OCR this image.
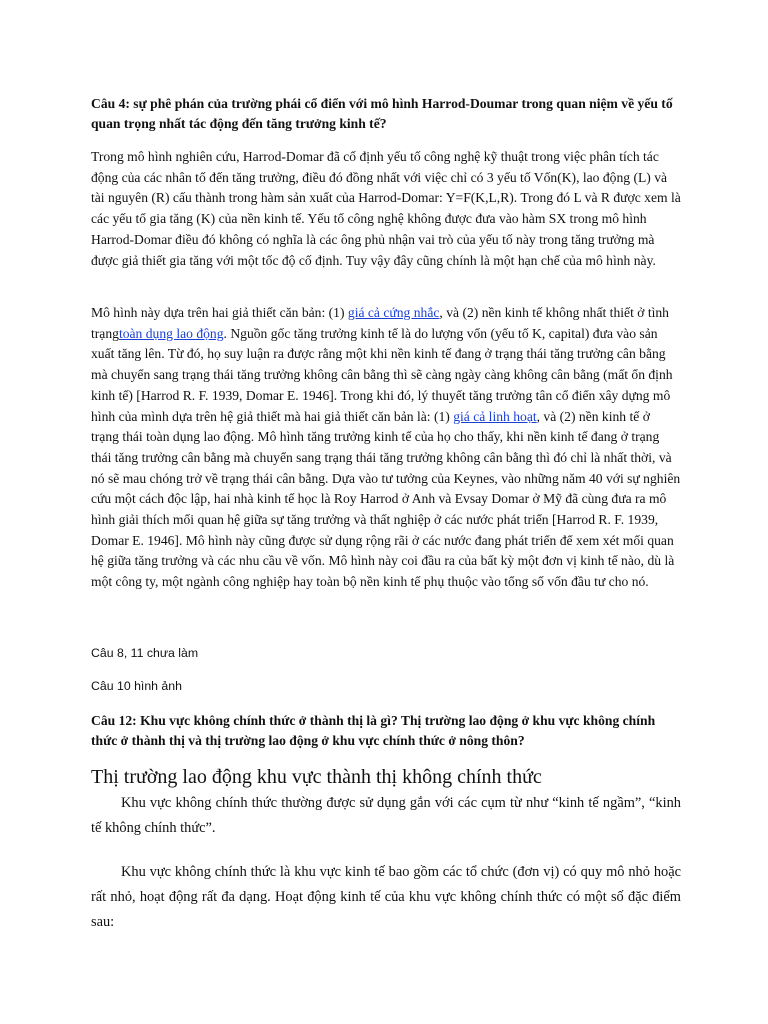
Câu 4: sự phê phán của trường phái cổ điển với mô hình Harrod-Doumar trong quan niệm về yếu tố quan trọng nhất tác động đến tăng trưởng kinh tế?

Trong mô hình nghiên cứu, Harrod-Domar đã cố định yếu tố công nghệ kỹ thuật trong việc phân tích tác động của các nhân tố đến tăng trưởng, điều đó đồng nhất với việc chỉ có 3 yếu tố Vốn(K), lao động (L) và tài nguyên (R) cấu thành trong hàm sản xuất của Harrod-Domar: Y=F(K,L,R). Trong đó L và R được xem là các yếu tố gia tăng (K) của nền kinh tế. Yếu tố công nghệ không được đưa vào hàm SX trong mô hình Harrod-Domar điều đó không có nghĩa là các ông phủ nhận vai trò của yếu tố này trong tăng trưởng mà được giả thiết gia tăng với một tốc độ cố định. Tuy vậy đây cũng chính là một hạn chế của mô hình này.

Mô hình này dựa trên hai giả thiết căn bản: (1) giá cả cứng nhắc, và (2) nền kinh tế không nhất thiết ở tình trạngtoàn dụng lao động. Nguồn gốc tăng trưởng kinh tế là do lượng vốn (yếu tố K, capital) đưa vào sản xuất tăng lên. Từ đó, họ suy luận ra được rằng một khi nền kinh tế đang ở trạng thái tăng trưởng cân bằng mà chuyển sang trạng thái tăng trưởng không cân bằng thì sẽ càng ngày càng không cân bằng (mất ổn định kinh tế) [Harrod R. F. 1939, Domar E. 1946]. Trong khi đó, lý thuyết tăng trưởng tân cổ điển xây dựng mô hình của mình dựa trên hệ giả thiết mà hai giả thiết căn bản là: (1) giá cả linh hoạt, và (2) nền kinh tế ở trạng thái toàn dụng lao động. Mô hình tăng trưởng kinh tế của họ cho thấy, khi nền kinh tế đang ở trạng thái tăng trưởng cân bằng mà chuyển sang trạng thái tăng trưởng không cân bằng thì đó chỉ là nhất thời, và nó sẽ mau chóng trở về trạng thái cân bằng. Dựa vào tư tưởng của Keynes, vào những năm 40 với sự nghiên cứu một cách độc lập, hai nhà kinh tế học là Roy Harrod ở Anh và Evsay Domar ở Mỹ đã cùng đưa ra mô hình giải thích mối quan hệ giữa sự tăng trưởng và thất nghiệp ở các nước phát triển [Harrod R. F. 1939, Domar E. 1946]. Mô hình này cũng được sử dụng rộng rãi ở các nước đang phát triển để xem xét mối quan hệ giữa tăng trưởng và các nhu cầu về vốn. Mô hình này coi đầu ra của bất kỳ một đơn vị kinh tế nào, dù là một công ty, một ngành công nghiệp hay toàn bộ nền kinh tế phụ thuộc vào tổng số vốn đầu tư cho nó.

Câu 8, 11 chưa làm

Câu 10 hình ảnh

Câu 12: Khu vực không chính thức ở thành thị là gì? Thị trường lao động ở khu vực không chính thức ở thành thị và thị trường lao động ở khu vực chính thức ở nông thôn?

Thị trường lao động khu vực thành thị không chính thức

Khu vực không chính thức thường được sử dụng gắn với các cụm từ như “kinh tế ngầm”, “kinh tế không chính thức”.

Khu vực không chính thức là khu vực kinh tế bao gồm các tổ chức (đơn vị) có quy mô nhỏ hoặc rất nhỏ, hoạt động rất đa dạng. Hoạt động kinh tế của khu vực không chính thức có một số đặc điểm sau:
